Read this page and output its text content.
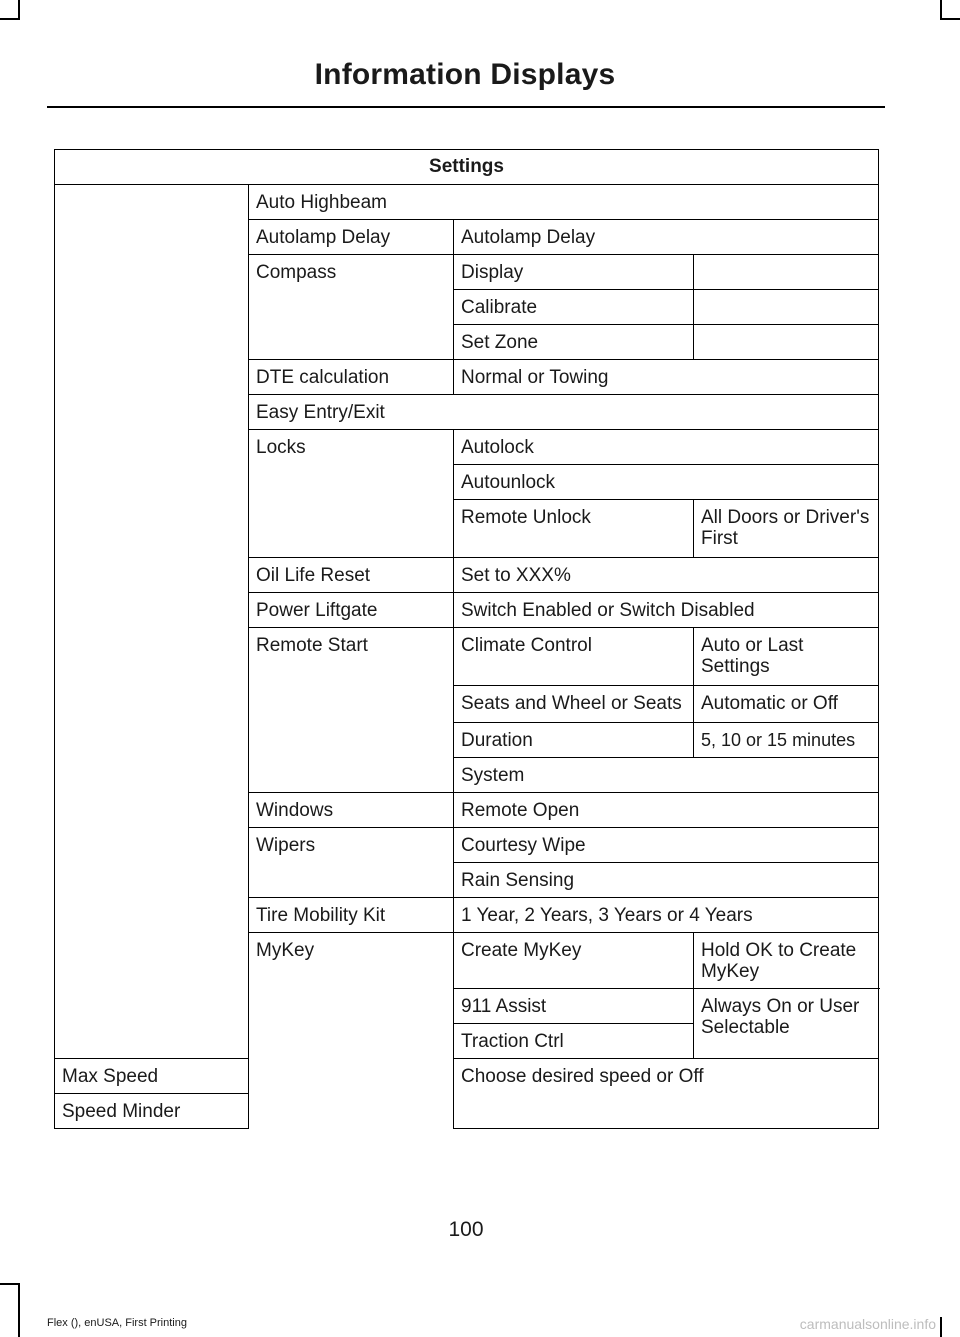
Information Displays
Settings			
	Auto Highbeam		
	Autolamp Delay	Autolamp Delay	
	Compass	Display	
		Calibrate	
		Set Zone	
	DTE calculation	Normal or Towing	
	Easy Entry/Exit		
	Locks	Autolock	
		Autounlock	
		Remote Unlock	All Doors or Driver's First
	Oil Life Reset	Set to XXX%	
	Power Liftgate	Switch Enabled or Switch Disabled	
	Remote Start	Climate Control	Auto or Last Settings
		Seats and Wheel or Seats	Automatic or Off
		Duration	5, 10 or 15 minutes
		System	
	Windows	Remote Open	
	Wipers	Courtesy Wipe	
		Rain Sensing	
	Tire Mobility Kit	1 Year, 2 Years, 3 Years or 4 Years	
	MyKey	Create MyKey	Hold OK to Create MyKey
		911 Assist	Always On or User Selectable
		Traction Ctrl	
Max Speed		Choose desired speed or Off	
Speed Minder			
100
Flex (), enUSA, First Printing	carmanualsonline.info
